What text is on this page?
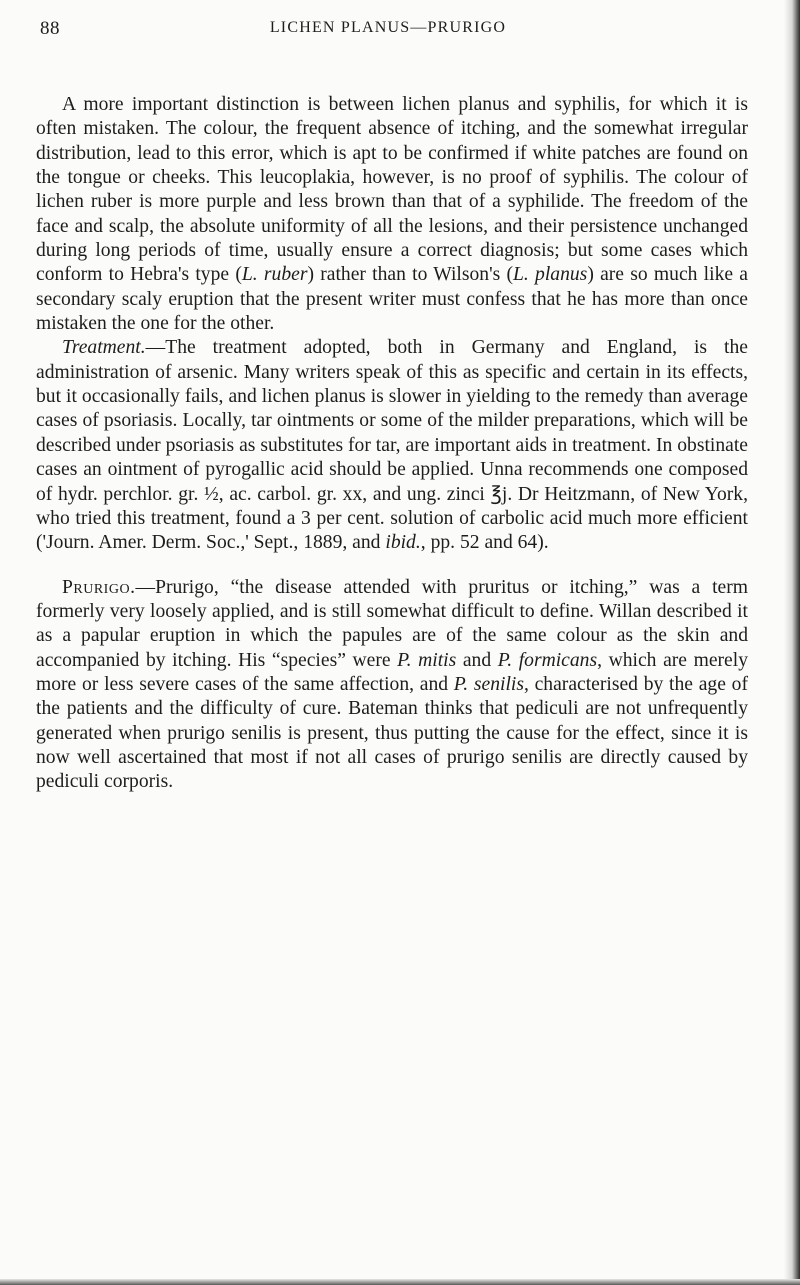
88	LICHEN PLANUS—PRURIGO

A more important distinction is between lichen planus and syphilis, for which it is often mistaken. The colour, the frequent absence of itching, and the somewhat irregular distribution, lead to this error, which is apt to be confirmed if white patches are found on the tongue or cheeks. This leucoplakia, however, is no proof of syphilis. The colour of lichen ruber is more purple and less brown than that of a syphilide. The freedom of the face and scalp, the absolute uniformity of all the lesions, and their persistence unchanged during long periods of time, usually ensure a correct diagnosis; but some cases which conform to Hebra's type (L. ruber) rather than to Wilson's (L. planus) are so much like a secondary scaly eruption that the present writer must confess that he has more than once mistaken the one for the other.

Treatment.—The treatment adopted, both in Germany and England, is the administration of arsenic. Many writers speak of this as specific and certain in its effects, but it occasionally fails, and lichen planus is slower in yielding to the remedy than average cases of psoriasis. Locally, tar ointments or some of the milder preparations, which will be described under psoriasis as substitutes for tar, are important aids in treatment. In obstinate cases an ointment of pyrogallic acid should be applied. Unna recommends one composed of hydr. perchlor. gr. ½, ac. carbol. gr. xx, and ung. zinci ℥j. Dr Heitzmann, of New York, who tried this treatment, found a 3 per cent. solution of carbolic acid much more efficient ('Journ. Amer. Derm. Soc.,' Sept., 1889, and ibid., pp. 52 and 64).

Prurigo.—Prurigo, “the disease attended with pruritus or itching,” was a term formerly very loosely applied, and is still somewhat difficult to define. Willan described it as a papular eruption in which the papules are of the same colour as the skin and accompanied by itching. His “species” were P. mitis and P. formicans, which are merely more or less severe cases of the same affection, and P. senilis, characterised by the age of the patients and the difficulty of cure. Bateman thinks that pediculi are not unfrequently generated when prurigo senilis is present, thus putting the cause for the effect, since it is now well ascertained that most if not all cases of prurigo senilis are directly caused by pediculi corporis.
